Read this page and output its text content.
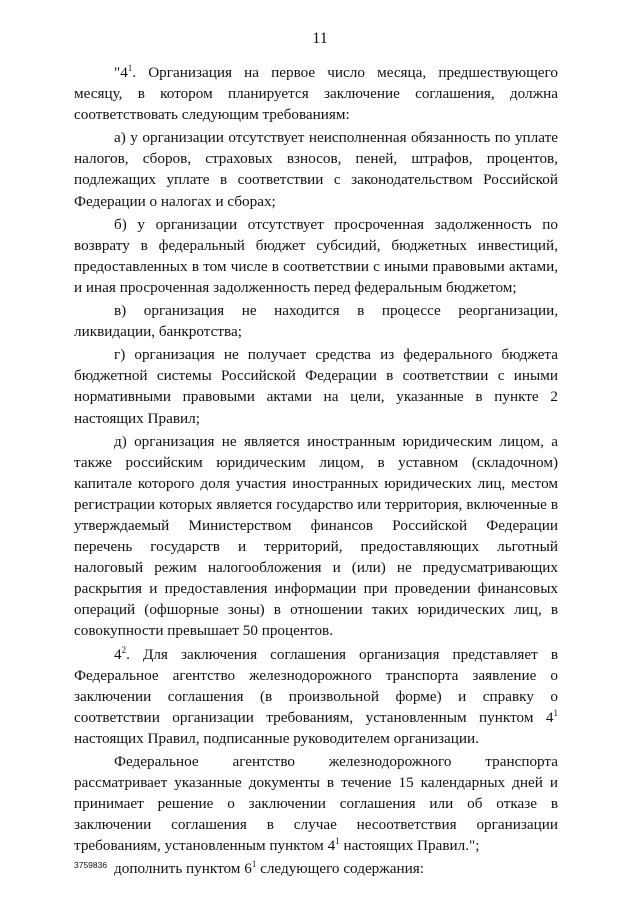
11

"$4^1$. Организация на первое число месяца, предшествующего месяцу, в котором планируется заключение соглашения, должна соответствовать следующим требованиям:

а) у организации отсутствует неисполненная обязанность по уплате налогов, сборов, страховых взносов, пеней, штрафов, процентов, подлежащих уплате в соответствии с законодательством Российской Федерации о налогах и сборах;

б) у организации отсутствует просроченная задолженность по возврату в федеральный бюджет субсидий, бюджетных инвестиций, предоставленных в том числе в соответствии с иными правовыми актами, и иная просроченная задолженность перед федеральным бюджетом;

в) организация не находится в процессе реорганизации, ликвидации, банкротства;

г) организация не получает средства из федерального бюджета бюджетной системы Российской Федерации в соответствии с иными нормативными правовыми актами на цели, указанные в пункте 2 настоящих Правил;

д) организация не является иностранным юридическим лицом, а также российским юридическим лицом, в уставном (складочном) капитале которого доля участия иностранных юридических лиц, местом регистрации которых является государство или территория, включенные в утверждаемый Министерством финансов Российской Федерации перечень государств и территорий, предоставляющих льготный налоговый режим налогообложения и (или) не предусматривающих раскрытия и предоставления информации при проведении финансовых операций (офшорные зоны) в отношении таких юридических лиц, в совокупности превышает 50 процентов.

$4^2$. Для заключения соглашения организация представляет в Федеральное агентство железнодорожного транспорта заявление о заключении соглашения (в произвольной форме) и справку о соответствии организации требованиям, установленным пунктом $4^1$ настоящих Правил, подписанные руководителем организации.

Федеральное агентство железнодорожного транспорта рассматривает указанные документы в течение 15 календарных дней и принимает решение о заключении соглашения или об отказе в заключении соглашения в случае несоответствия организации требованиям, установленным пунктом $4^1$ настоящих Правил.";

дополнить пунктом $6^1$ следующего содержания:

3759836
